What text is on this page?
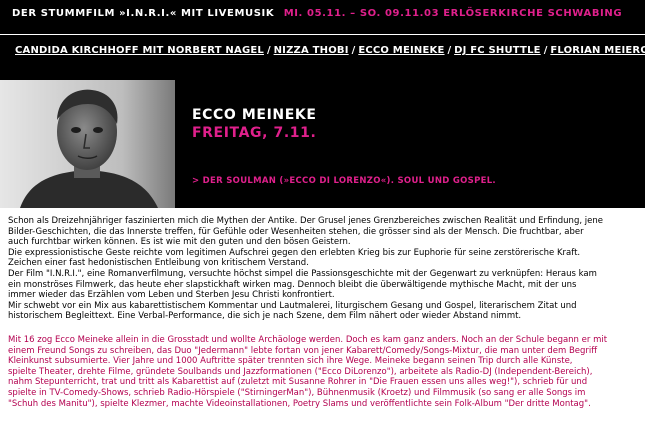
DER STUMMFILM »I.N.R.I.« MIT LIVEMUSIK MI. 05.11. – SO. 09.11.03 ERLÖSERKIRCHE SCHWABING
CANDIDA KIRCHHOFF MIT NORBERT NAGEL / NIZZA THOBI / ECCO MEINEKE / DJ FC SHUTTLE / FLORIAN MEIEROTT
ECCO MEINEKE
FREITAG, 7.11.
> DER SOULMAN (»ECCO DI LORENZO«). SOUL UND GOSPEL.
Schon als Dreizehnjähriger faszinierten mich die Mythen der Antike. Der Grusel jenes Grenzbereiches zwischen Realität und Erfindung, jene
Bilder-Geschichten, die das Innerste treffen, für Gefühle oder Wesenheiten stehen, die grösser sind als der Mensch. Die fruchtbar, aber
auch furchtbar wirken können. Es ist wie mit den guten und den bösen Geistern.
Die expressionistische Geste reichte vom legitimen Aufschrei gegen den erlebten Krieg bis zur Euphorie für seine zerstörerische Kraft.
Zeichen einer fast hedonistischen Entleibung von kritischem Verstand.
Der Film "I.N.R.I.", eine Romanverfilmung, versuchte höchst simpel die Passionsgeschichte mit der Gegenwart zu verknüpfen: Heraus kam
ein monströses Filmwerk, das heute eher slapstickhaft wirken mag. Dennoch bleibt die überwältigende mythische Macht, mit der uns
immer wieder das Erzählen vom Leben und Sterben Jesu Christi konfrontiert.
Mir schwebt vor ein Mix aus kabarettistischem Kommentar und Lautmalerei, liturgischem Gesang und Gospel, literarischem Zitat und
historischem Begleittext. Eine Verbal-Performance, die sich je nach Szene, dem Film nähert oder wieder Abstand nimmt.
Mit 16 zog Ecco Meineke allein in die Grosstadt und wollte Archäologe werden. Doch es kam ganz anders. Noch an der Schule begann er mit
einem Freund Songs zu schreiben, das Duo "Jedermann" lebte fortan von jener Kabarett/Comedy/Songs-Mixtur, die man unter dem Begriff
Kleinkunst subsumierte. Vier Jahre und 1000 Auftritte später trennten sich ihre Wege. Meineke begann seinen Trip durch alle Künste,
spielte Theater, drehte Filme, gründete Soulbands und Jazzformationen ("Ecco DiLorenzo"), arbeitete als Radio-DJ (Independent-Bereich),
nahm Stepunterricht, trat und tritt als Kabarettist auf (zuletzt mit Susanne Rohrer in "Die Frauen essen uns alles weg!"), schrieb für und
spielte in TV-Comedy-Shows, schrieb Radio-Hörspiele ("StirningerMan"), Bühnenmusik (Kroetz) und Filmmusik (so sang er alle Songs im
"Schuh des Manitu"), spielte Klezmer, machte Videoinstallationen, Poetry Slams und veröffentlichte sein Folk-Album "Der dritte Montag".
